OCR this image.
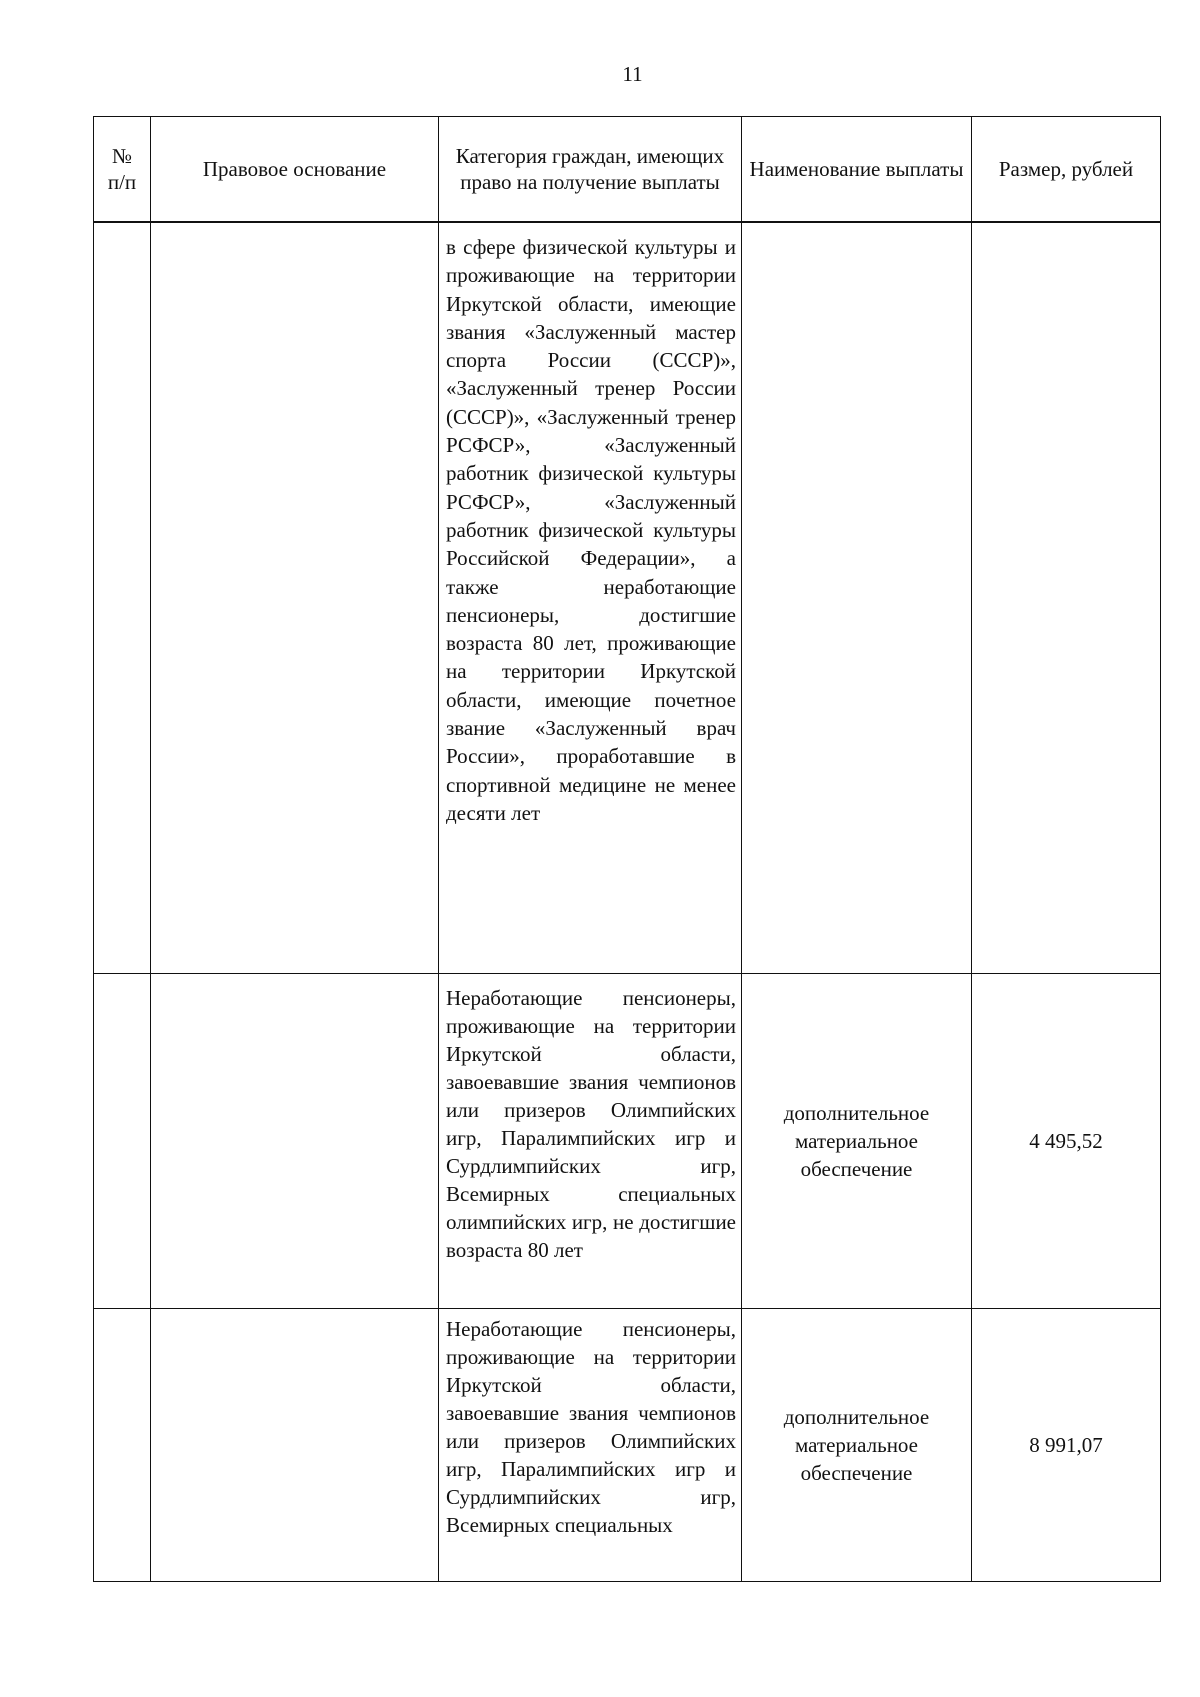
11
№
п/п	Правовое основание	Категория граждан, имеющих право на получение выплаты	Наименование выплаты	Размер, рублей
		в сфере физической культуры и проживающие на территории Иркутской области, имеющие звания «Заслуженный мастер спорта России (СССР)», «Заслуженный тренер России (СССР)», «Заслуженный тренер РСФСР», «Заслуженный работник физической культуры РСФСР», «Заслуженный работник физической культуры Российской Федерации», а также неработающие пенсионеры, достигшие возраста 80 лет, проживающие на территории Иркутской области, имеющие почетное звание «Заслуженный врач России», проработавшие в спортивной медицине не менее десяти лет		
		Неработающие пенсионеры, проживающие на территории Иркутской области, завоевавшие звания чемпионов или призеров Олимпийских игр, Паралимпийских игр и Сурдлимпийских игр, Всемирных специальных олимпийских игр, не достигшие возраста 80 лет	дополнительное материальное обеспечение	4 495,52
		Неработающие пенсионеры, проживающие на территории Иркутской области, завоевавшие звания чемпионов или призеров Олимпийских игр, Паралимпийских игр и Сурдлимпийских игр, Всемирных специальных	дополнительное материальное обеспечение	8 991,07
